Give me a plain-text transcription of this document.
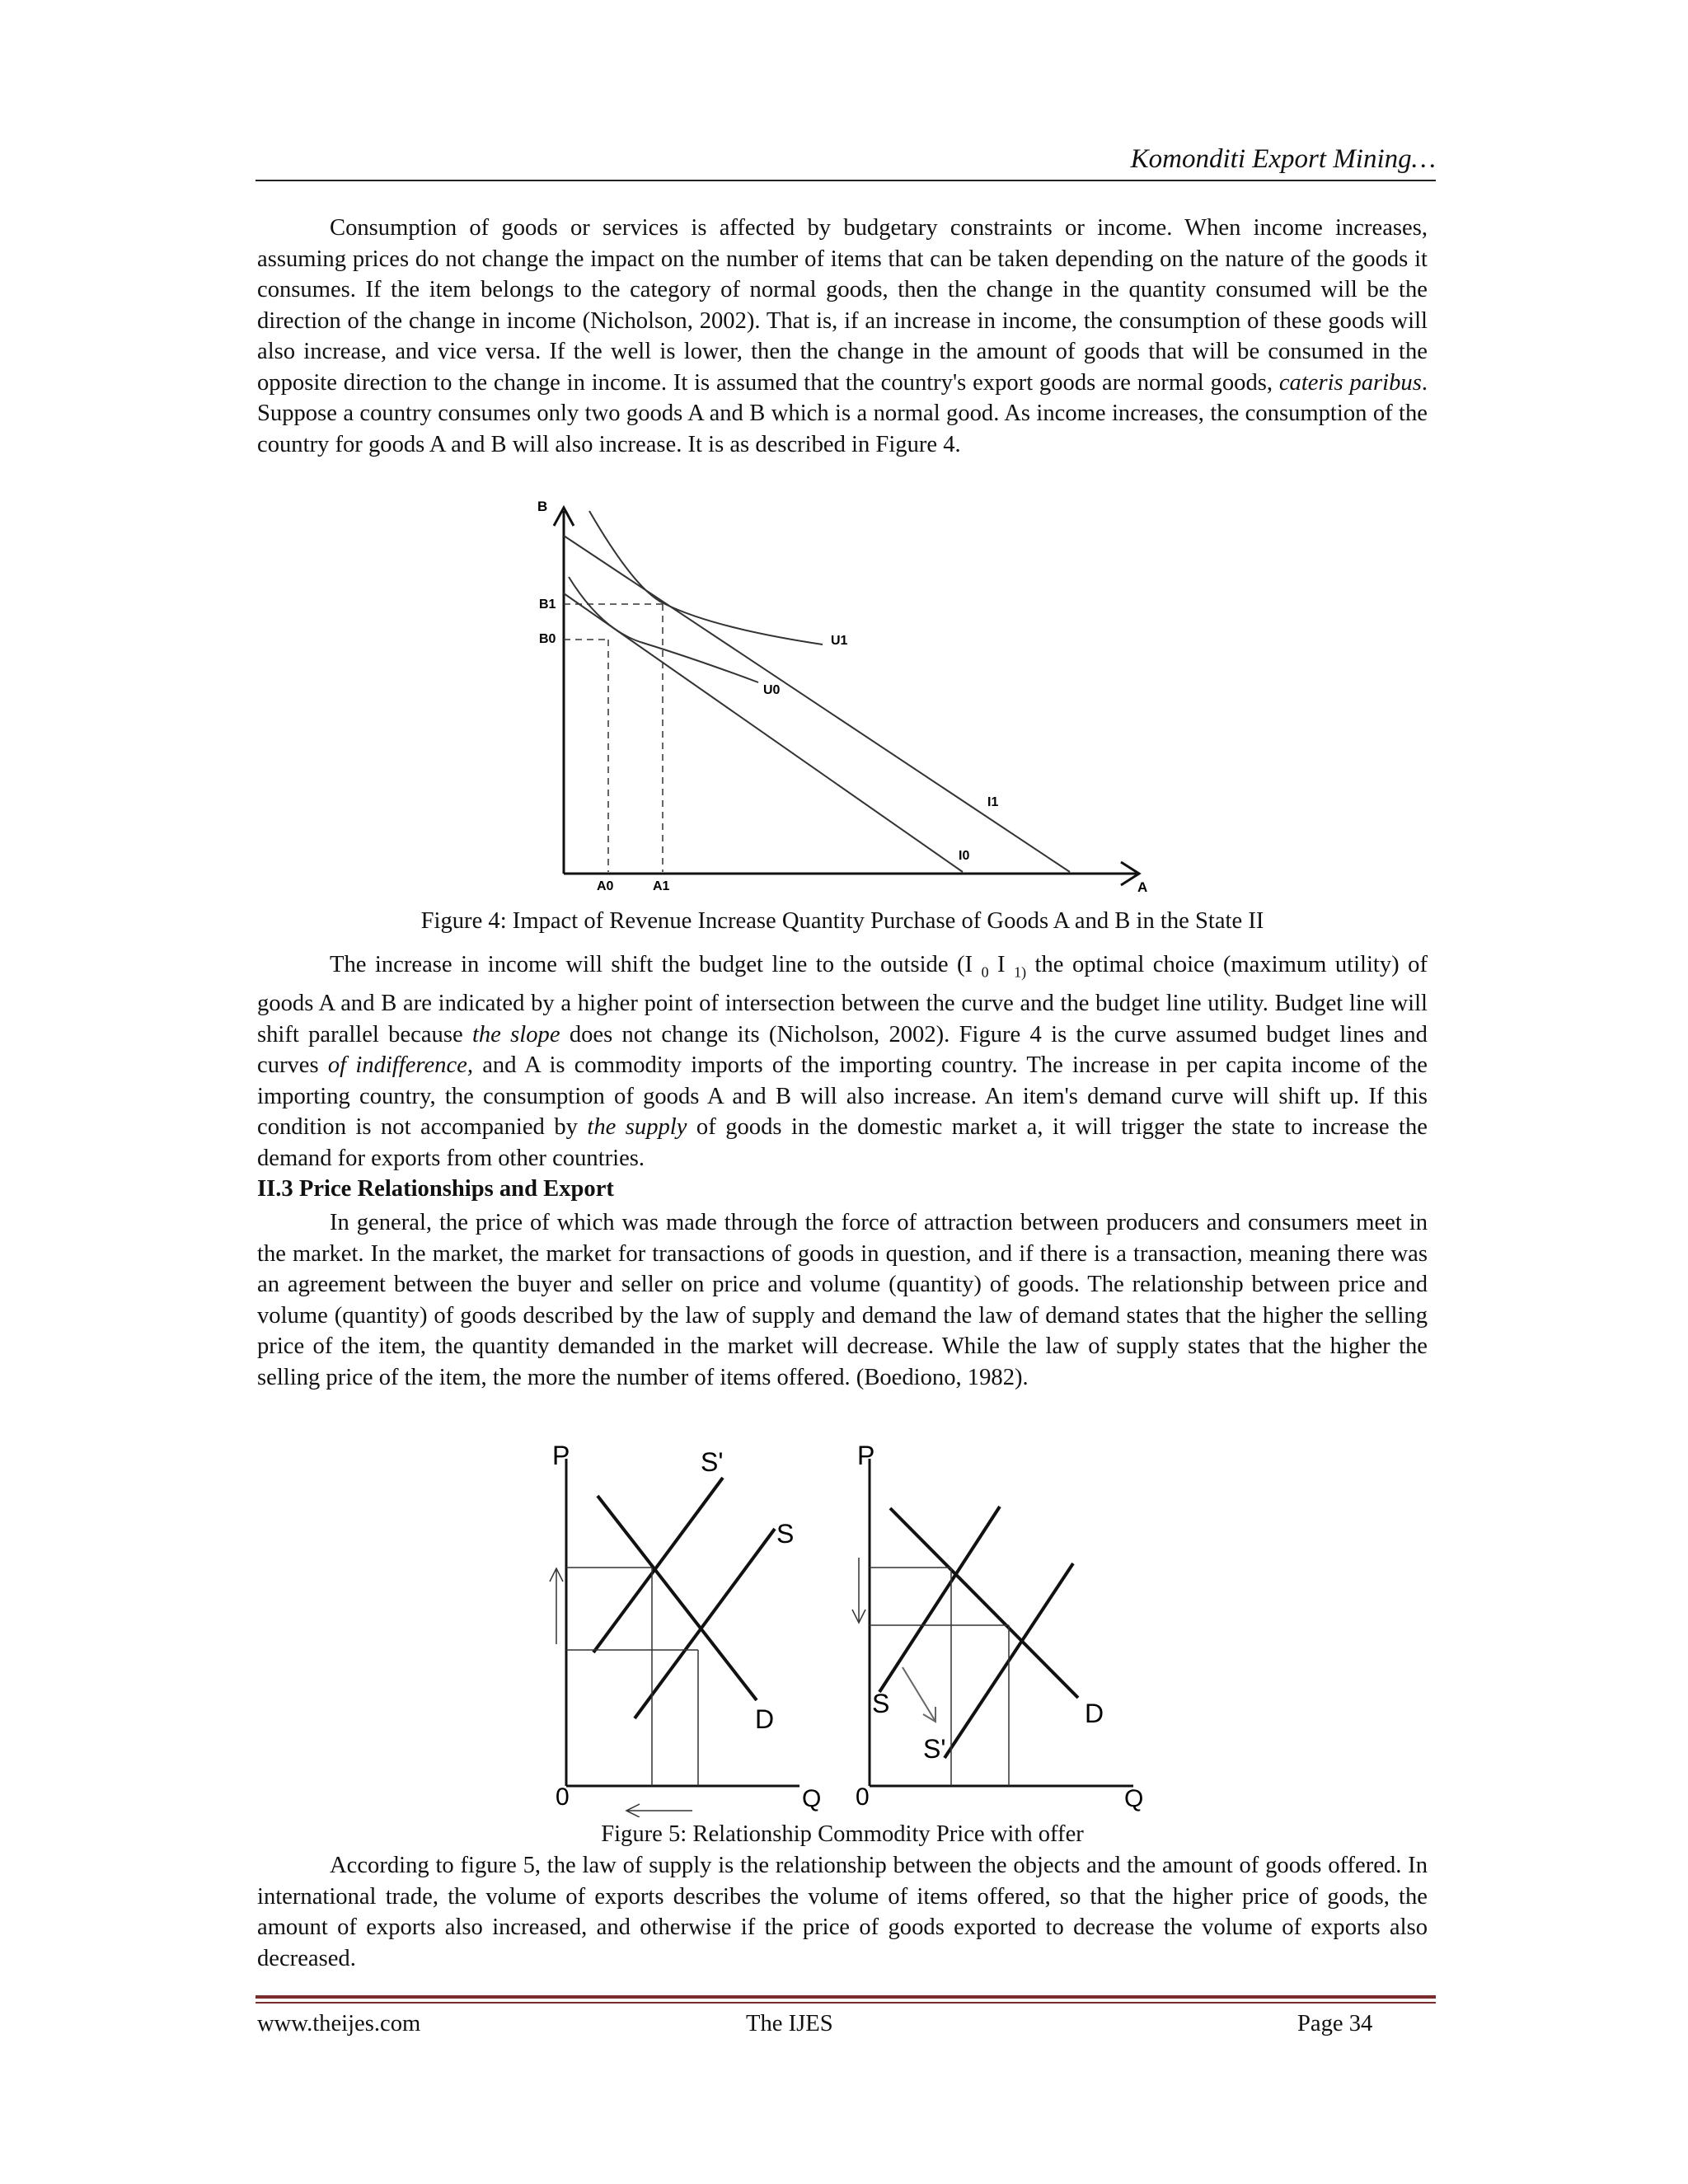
Komonditi Export Mining…

Consumption of goods or services is affected by budgetary constraints or income. When income increases, assuming prices do not change the impact on the number of items that can be taken depending on the nature of the goods it consumes. If the item belongs to the category of normal goods, then the change in the quantity consumed will be the direction of the change in income (Nicholson, 2002). That is, if an increase in income, the consumption of these goods will also increase, and vice versa. If the well is lower, then the change in the amount of goods that will be consumed in the opposite direction to the change in income. It is assumed that the country's export goods are normal goods, cateris paribus. Suppose a country consumes only two goods A and B which is a normal good. As income increases, the consumption of the country for goods A and B will also increase. It is as described in Figure 4.

B
A
B1
B0
A0	A1
U1
U0
I1
I0
Figure 4: Impact of Revenue Increase Quantity Purchase of Goods A and B in the State II

The increase in income will shift the budget line to the outside (I $_0$ I $_{1)}$ the optimal choice (maximum utility) of goods A and B are indicated by a higher point of intersection between the curve and the budget line utility. Budget line will shift parallel because the slope does not change its (Nicholson, 2002). Figure 4 is the curve assumed budget lines and curves of indifference, and A is commodity imports of the importing country. The increase in per capita income of the importing country, the consumption of goods A and B will also increase. An item's demand curve will shift up. If this condition is not accompanied by the supply of goods in the domestic market a, it will trigger the state to increase the demand for exports from other countries.

II.3 Price Relationships and Export

In general, the price of which was made through the force of attraction between producers and consumers meet in the market. In the market, the market for transactions of goods in question, and if there is a transaction, meaning there was an agreement between the buyer and seller on price and volume (quantity) of goods. The relationship between price and volume (quantity) of goods described by the law of supply and demand the law of demand states that the higher the selling price of the item, the quantity demanded in the market will decrease. While the law of supply states that the higher the selling price of the item, the more the number of items offered. (Boediono, 1982).

P	S'
S
D
0	Q
P
S
S'
D
0	Q
Figure 5: Relationship Commodity Price with offer

According to figure 5, the law of supply is the relationship between the objects and the amount of goods offered. In international trade, the volume of exports describes the volume of items offered, so that the higher price of goods, the amount of exports also increased, and otherwise if the price of goods exported to decrease the volume of exports also decreased.

www.theijes.com	The IJES	Page 34
